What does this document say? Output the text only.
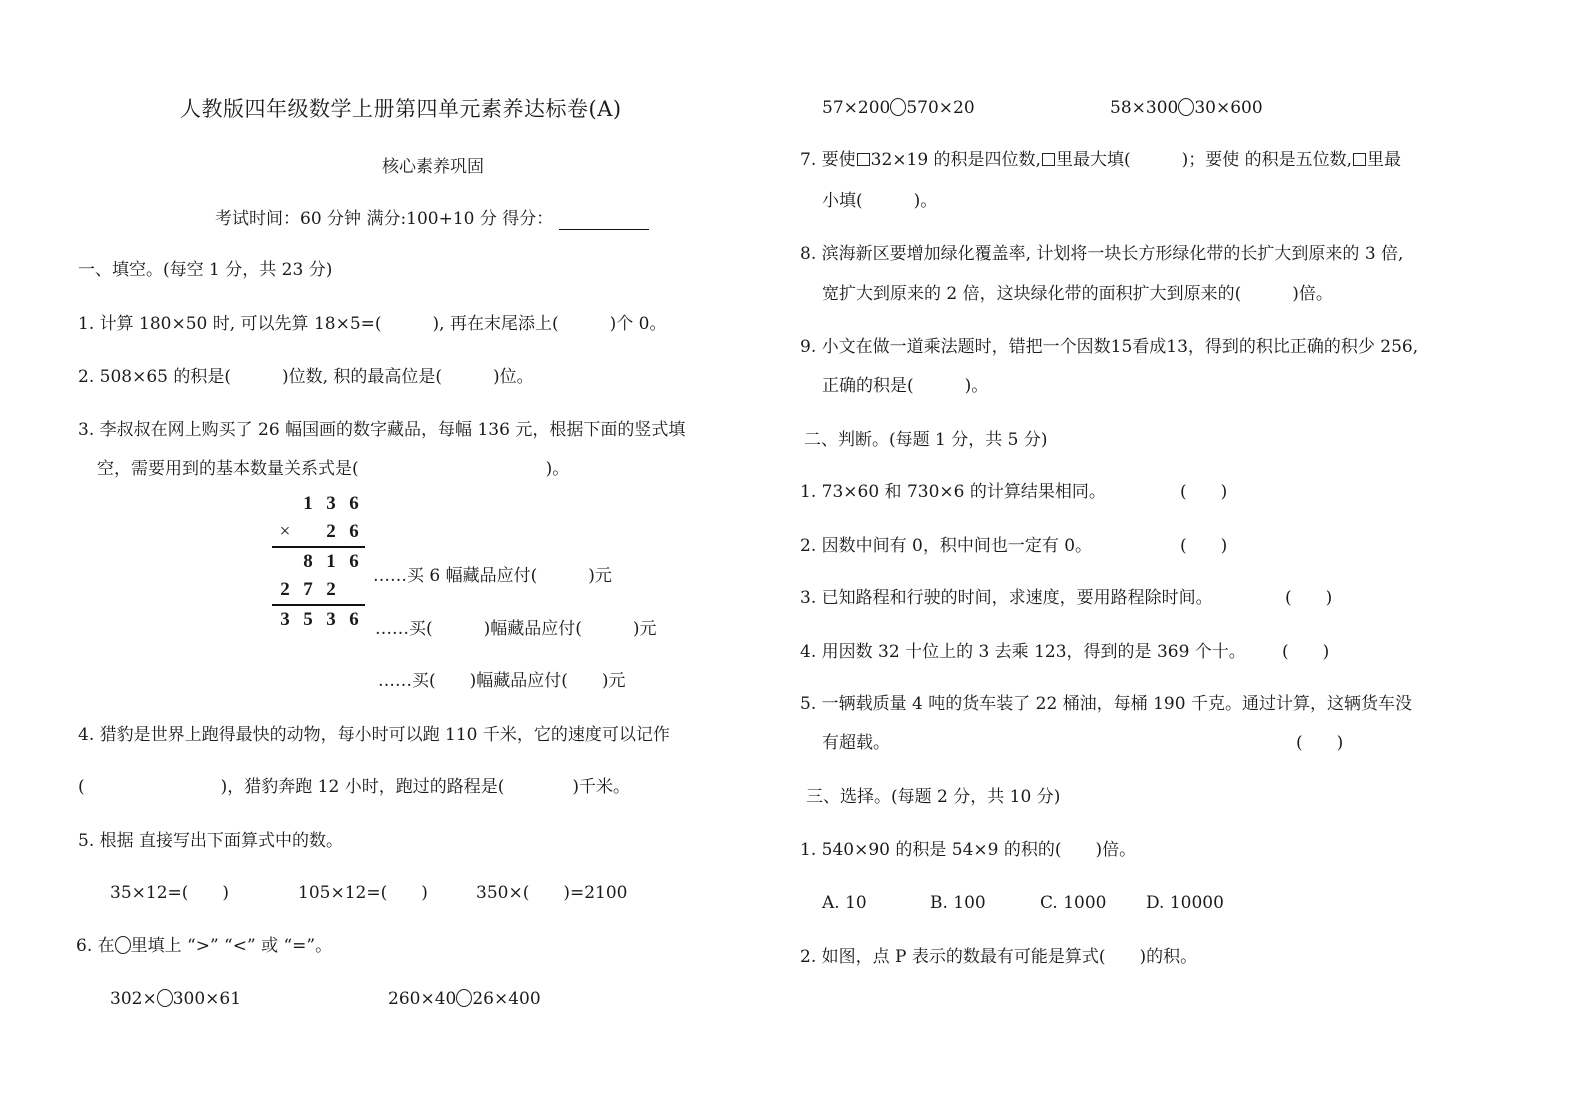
人教版四年级数学上册第四单元素养达标卷(A)
核心素养巩固
考试时间：60 分钟 满分:100+10 分 得分：
一、填空。(每空 1 分，共 23 分)
1. 计算 180×50 时, 可以先算 18×5=(　　　), 再在末尾添上(　　　)个 0。
2. 508×65 的积是(　　　)位数, 积的最高位是(　　　)位。
3. 李叔叔在网上购买了 26 幅国画的数字藏品，每幅 136 元，根据下面的竖式填
空，需要用到的基本数量关系式是(　　　　　　　　　　　)。
1 3 6
×	2 6
8 1 6
2 7 2
3 5 3 6
……买 6 幅藏品应付(　　　)元
……买(　　　)幅藏品应付(　　　)元
……买(　　)幅藏品应付(　　)元
4. 猎豹是世界上跑得最快的动物，每小时可以跑 110 千米，它的速度可以记作
(　　　　　　　　)，猎豹奔跑 12 小时，跑过的路程是(　　　　)千米。
5. 根据 直接写出下面算式中的数。
35×12=(　　)	105×12=(　　)	350×(　　)=2100
6. 在 里填上 “>” “<” 或 “=”。
302× 300×61	260×40 26×400
57×200 570×20	58×300 30×600
7. 要使 32×19 的积是四位数, 里最大填(　　　)；要使 的积是五位数, 里最
小填(　　　)。
8. 滨海新区要增加绿化覆盖率, 计划将一块长方形绿化带的长扩大到原来的 3 倍,
宽扩大到原来的 2 倍，这块绿化带的面积扩大到原来的(　　　)倍。
9. 小文在做一道乘法题时，错把一个因数15看成13，得到的积比正确的积少 256,
正确的积是(　　　)。
二、判断。(每题 1 分，共 5 分)
1. 73×60 和 730×6 的计算结果相同。	(　　)
2. 因数中间有 0，积中间也一定有 0。	(　　)
3. 已知路程和行驶的时间，求速度，要用路程除时间。	(　　)
4. 用因数 32 十位上的 3 去乘 123，得到的是 369 个十。 (　　)
5. 一辆载质量 4 吨的货车装了 22 桶油，每桶 190 千克。通过计算，这辆货车没
有超载。	(　　)
三、选择。(每题 2 分，共 10 分)
1. 540×90 的积是 54×9 的积的(　　)倍。
A. 10	B. 100	C. 1000 D. 10000
2. 如图，点 P 表示的数最有可能是算式(　　)的积。
